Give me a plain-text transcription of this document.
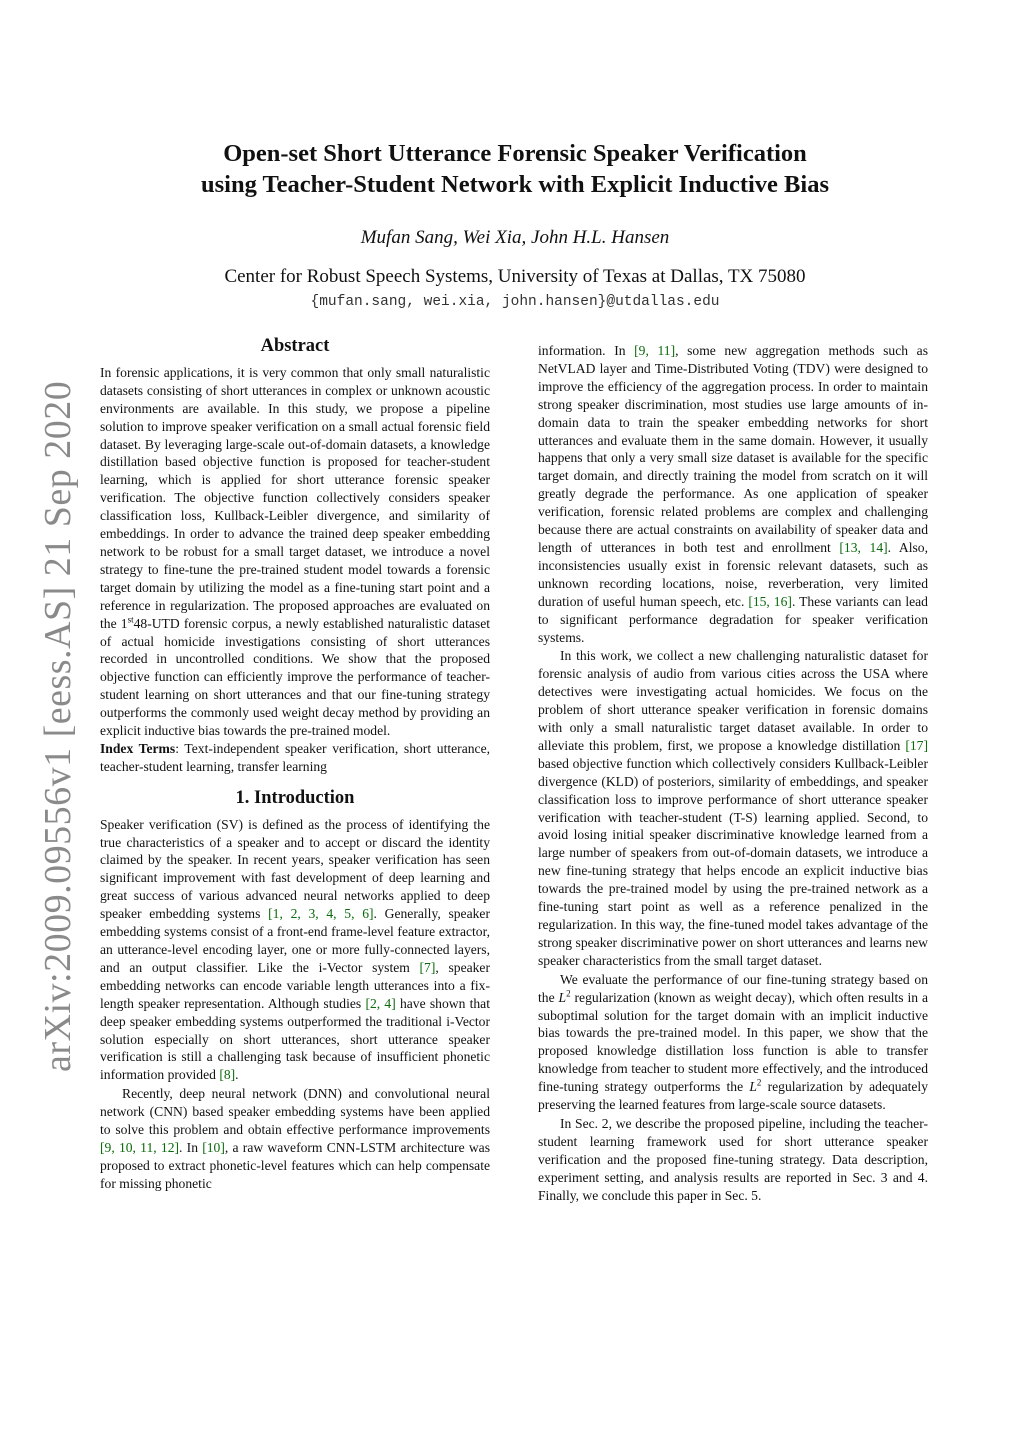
arXiv:2009.09556v1 [eess.AS] 21 Sep 2020
Open-set Short Utterance Forensic Speaker Verification
using Teacher-Student Network with Explicit Inductive Bias
Mufan Sang, Wei Xia, John H.L. Hansen
Center for Robust Speech Systems, University of Texas at Dallas, TX 75080
{mufan.sang, wei.xia, john.hansen}@utdallas.edu
Abstract

In forensic applications, it is very common that only small naturalistic datasets consisting of short utterances in complex or unknown acoustic environments are available. In this study, we propose a pipeline solution to improve speaker verification on a small actual forensic field dataset. By leveraging large-scale out-of-domain datasets, a knowledge distillation based objective function is proposed for teacher-student learning, which is applied for short utterance forensic speaker verification. The objective function collectively considers speaker classification loss, Kullback-Leibler divergence, and similarity of embeddings. In order to advance the trained deep speaker embedding network to be robust for a small target dataset, we introduce a novel strategy to fine-tune the pre-trained student model towards a forensic target domain by utilizing the model as a fine-tuning start point and a reference in regularization. The proposed approaches are evaluated on the 1st48-UTD forensic corpus, a newly established naturalistic dataset of actual homicide investigations consisting of short utterances recorded in uncontrolled conditions. We show that the proposed objective function can efficiently improve the performance of teacher-student learning on short utterances and that our fine-tuning strategy outperforms the commonly used weight decay method by providing an explicit inductive bias towards the pre-trained model.

Index Terms: Text-independent speaker verification, short utterance, teacher-student learning, transfer learning

1. Introduction

Speaker verification (SV) is defined as the process of identifying the true characteristics of a speaker and to accept or discard the identity claimed by the speaker. In recent years, speaker verification has seen significant improvement with fast development of deep learning and great success of various advanced neural networks applied to deep speaker embedding systems [1, 2, 3, 4, 5, 6]. Generally, speaker embedding systems consist of a front-end frame-level feature extractor, an utterance-level encoding layer, one or more fully-connected layers, and an output classifier. Like the i-Vector system [7], speaker embedding networks can encode variable length utterances into a fix-length speaker representation. Although studies [2, 4] have shown that deep speaker embedding systems outperformed the traditional i-Vector solution especially on short utterances, short utterance speaker verification is still a challenging task because of insufficient phonetic information provided [8].

Recently, deep neural network (DNN) and convolutional neural network (CNN) based speaker embedding systems have been applied to solve this problem and obtain effective performance improvements [9, 10, 11, 12]. In [10], a raw waveform CNN-LSTM architecture was proposed to extract phonetic-level features which can help compensate for missing phonetic

information. In [9, 11], some new aggregation methods such as NetVLAD layer and Time-Distributed Voting (TDV) were designed to improve the efficiency of the aggregation process. In order to maintain strong speaker discrimination, most studies use large amounts of in-domain data to train the speaker embedding networks for short utterances and evaluate them in the same domain. However, it usually happens that only a very small size dataset is available for the specific target domain, and directly training the model from scratch on it will greatly degrade the performance. As one application of speaker verification, forensic related problems are complex and challenging because there are actual constraints on availability of speaker data and length of utterances in both test and enrollment [13, 14]. Also, inconsistencies usually exist in forensic relevant datasets, such as unknown recording locations, noise, reverberation, very limited duration of useful human speech, etc. [15, 16]. These variants can lead to significant performance degradation for speaker verification systems.

In this work, we collect a new challenging naturalistic dataset for forensic analysis of audio from various cities across the USA where detectives were investigating actual homicides. We focus on the problem of short utterance speaker verification in forensic domains with only a small naturalistic target dataset available. In order to alleviate this problem, first, we propose a knowledge distillation [17] based objective function which collectively considers Kullback-Leibler divergence (KLD) of posteriors, similarity of embeddings, and speaker classification loss to improve performance of short utterance speaker verification with teacher-student (T-S) learning applied. Second, to avoid losing initial speaker discriminative knowledge learned from a large number of speakers from out-of-domain datasets, we introduce a new fine-tuning strategy that helps encode an explicit inductive bias towards the pre-trained model by using the pre-trained network as a fine-tuning start point as well as a reference penalized in the regularization. In this way, the fine-tuned model takes advantage of the strong speaker discriminative power on short utterances and learns new speaker characteristics from the small target dataset.

We evaluate the performance of our fine-tuning strategy based on the $L^2$ regularization (known as weight decay), which often results in a suboptimal solution for the target domain with an implicit inductive bias towards the pre-trained model. In this paper, we show that the proposed knowledge distillation loss function is able to transfer knowledge from teacher to student more effectively, and the introduced fine-tuning strategy outperforms the $L^2$ regularization by adequately preserving the learned features from large-scale source datasets.

In Sec. 2, we describe the proposed pipeline, including the teacher-student learning framework used for short utterance speaker verification and the proposed fine-tuning strategy. Data description, experiment setting, and analysis results are reported in Sec. 3 and 4. Finally, we conclude this paper in Sec. 5.
